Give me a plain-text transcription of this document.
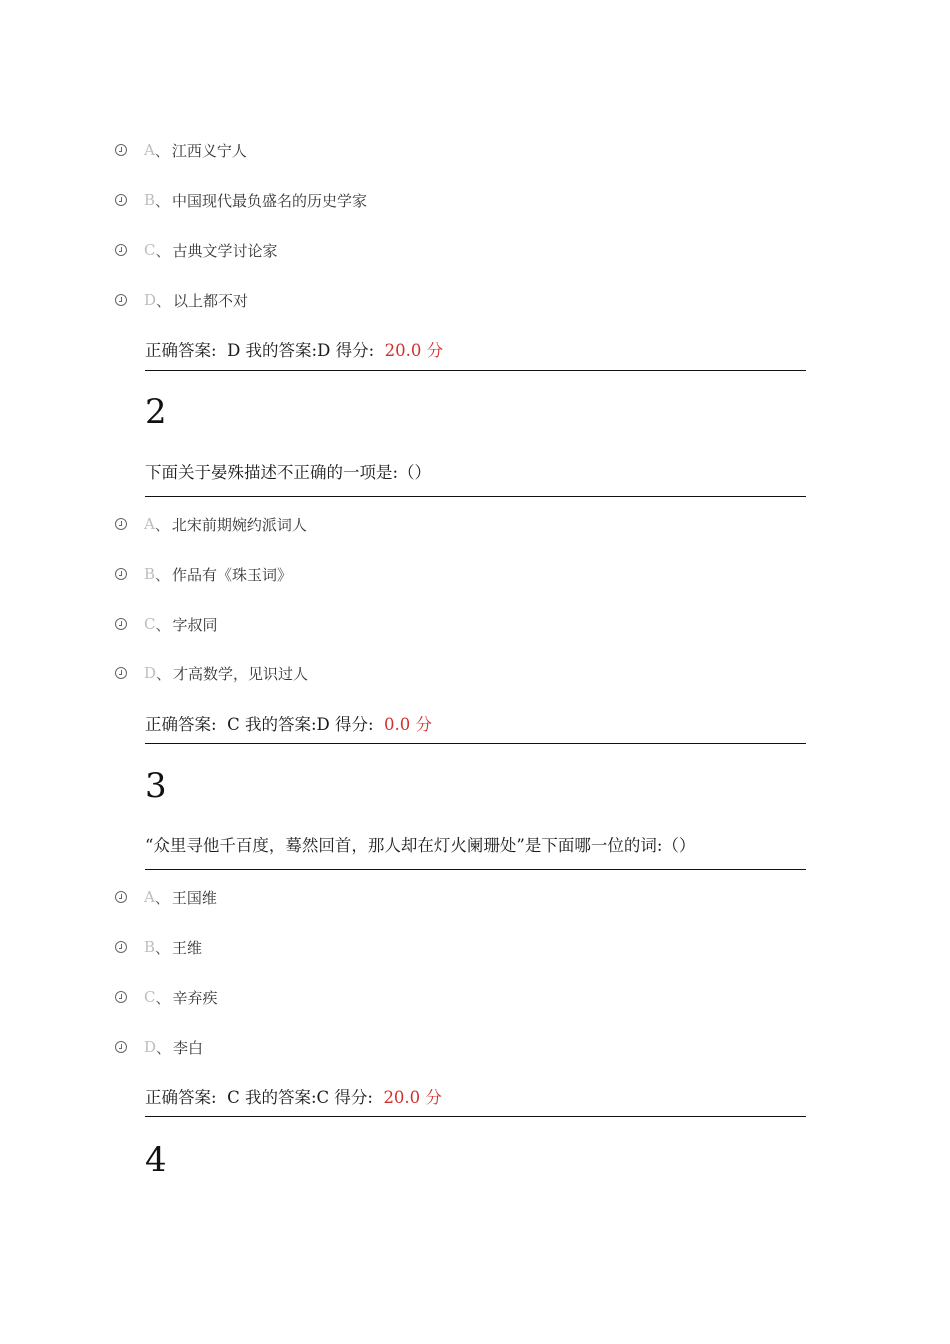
A 、 江西义宁人
B 、 中国现代最负盛名的历史学家
C 、 古典文学讨论家
D 、 以上都不对
正确答案: D 我的答案:D 得分: 20.0 分
2
下面关于晏殊描述不正确的一项是:（）
A 、 北宋前期婉约派词人
B 、 作品有《珠玉词》
C 、 字叔同
D 、 才高数学，见识过人
正确答案: C 我的答案:D 得分: 0.0 分
3
“众里寻他千百度，蓦然回首，那人却在灯火阑珊处”是下面哪一位的词:（）
A 、 王国维
B 、 王维
C 、 辛弃疾
D 、 李白
正确答案: C 我的答案:C 得分: 20.0 分
4
